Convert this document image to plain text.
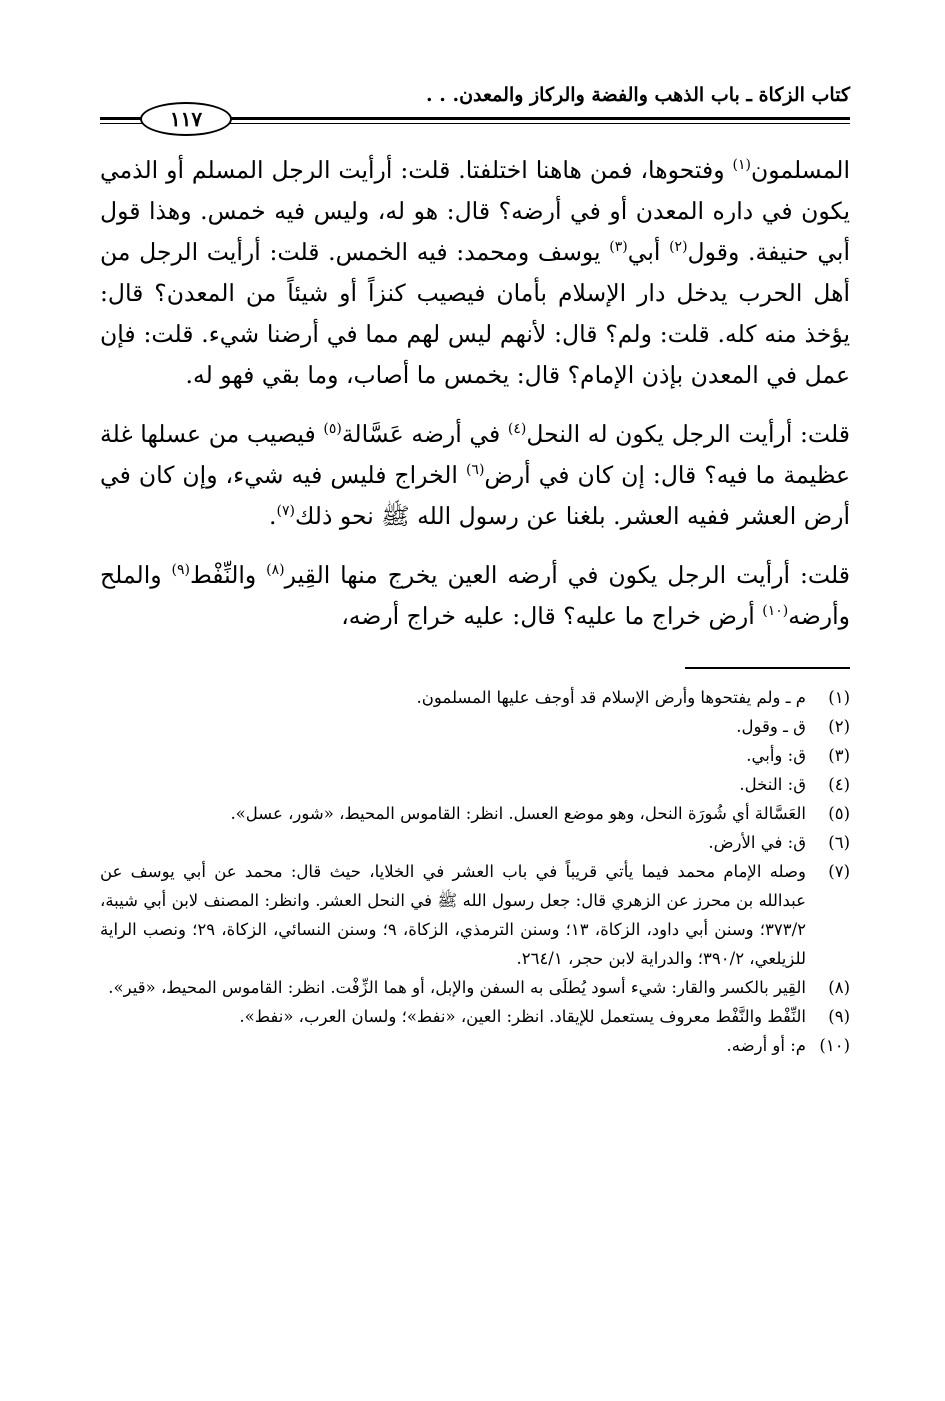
كتاب الزكاة ـ باب الذهب والفضة والركاز والمعدن. . .
١١٧

المسلمون$^{(١)}$ وفتحوها، فمن هاهنا اختلفتا. قلت: أرأيت الرجل المسلم أو الذمي يكون في داره المعدن أو في أرضه؟ قال: هو له، وليس فيه خمس. وهذا قول أبي حنيفة. وقول$^{(٢)}$ أبي$^{(٣)}$ يوسف ومحمد: فيه الخمس. قلت: أرأيت الرجل من أهل الحرب يدخل دار الإسلام بأمان فيصيب كنزاً أو شيئاً من المعدن؟ قال: يؤخذ منه كله. قلت: ولم؟ قال: لأنهم ليس لهم مما في أرضنا شيء. قلت: فإن عمل في المعدن بإذن الإمام؟ قال: يخمس ما أصاب، وما بقي فهو له.

قلت: أرأيت الرجل يكون له النحل$^{(٤)}$ في أرضه عَسَّالة$^{(٥)}$ فيصيب من عسلها غلة عظيمة ما فيه؟ قال: إن كان في أرض$^{(٦)}$ الخراج فليس فيه شيء، وإن كان في أرض العشر ففيه العشر. بلغنا عن رسول الله ﷺ نحو ذلك$^{(٧)}$.

قلت: أرأيت الرجل يكون في أرضه العين يخرج منها القِير$^{(٨)}$ والنِّفْط$^{(٩)}$ والملح وأرضه$^{(١٠)}$ أرض خراج ما عليه؟ قال: عليه خراج أرضه،

(١)
م ـ ولم يفتحوها وأرض الإسلام قد أوجف عليها المسلمون.
(٢)
ق ـ وقول.
(٣)
ق: وأبي.
(٤)
ق: النخل.
(٥)
العَسَّالة أي شُورَة النحل، وهو موضع العسل. انظر: القاموس المحيط، «شور، عسل».
(٦)
ق: في الأرض.
(٧)
وصله الإمام محمد فيما يأتي قريباً في باب العشر في الخلايا، حيث قال: محمد عن أبي يوسف عن عبدالله بن محرز عن الزهري قال: جعل رسول الله ﷺ في النحل العشر. وانظر: المصنف لابن أبي شيبة، ٣٧٣/٢؛ وسنن أبي داود، الزكاة، ١٣؛ وسنن الترمذي، الزكاة، ٩؛ وسنن النسائي، الزكاة، ٢٩؛ ونصب الراية للزيلعي، ٣٩٠/٢؛ والدراية لابن حجر، ٢٦٤/١.
(٨)
القِير بالكسر والقار: شيء أسود يُطلَى به السفن والإبل، أو هما الزِّفْت. انظر: القاموس المحيط، «قير».
(٩)
النِّفْط والنَّفْط معروف يستعمل للإيقاد. انظر: العين، «نفط»؛ ولسان العرب، «نفط».
(١٠)
م: أو أرضه.
